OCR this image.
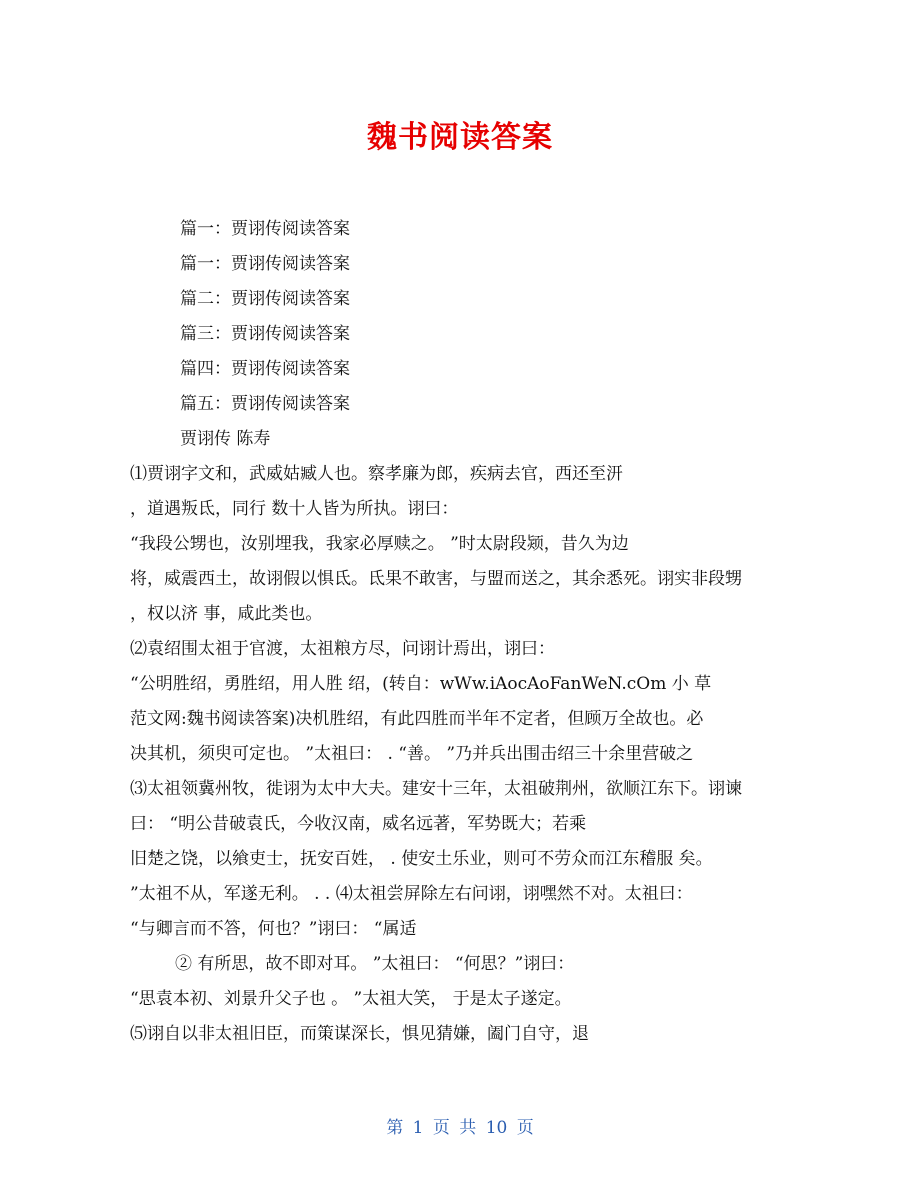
魏书阅读答案
篇一：贾诩传阅读答案
篇一：贾诩传阅读答案
篇二：贾诩传阅读答案
篇三：贾诩传阅读答案
篇四：贾诩传阅读答案
篇五：贾诩传阅读答案
贾诩传 陈寿
⑴贾诩字文和，武威姑臧人也。察孝廉为郎，疾病去官，西还至汧
，道遇叛氐，同行 数十人皆为所执。诩曰：
“我段公甥也，汝别埋我，我家必厚赎之。 ”时太尉段颎，昔久为边
将，威震西土，故诩假以惧氐。氐果不敢害，与盟而送之，其余悉死。诩实非段甥
，权以济 事，咸此类也。
⑵袁绍围太祖于官渡，太祖粮方尽，问诩计焉出，诩曰：
“公明胜绍，勇胜绍，用人胜 绍，(转自：wWw.iAocAoFanWeN.cOm 小 草
范文网:魏书阅读答案)决机胜绍，有此四胜而半年不定者，但顾万全故也。必
决其机，须臾可定也。 ”太祖曰： . “善。 ”乃并兵出围击绍三十余里营破之
⑶太祖领冀州牧，徙诩为太中大夫。建安十三年，太祖破荆州，欲顺江东下。诩谏
曰： “明公昔破袁氏，今收汉南，威名远著，军势既大；若乘
旧楚之饶，以飨吏士，抚安百姓， . 使安土乐业，则可不劳众而江东稽服 矣。
”太祖不从，军遂无利。 . . ⑷太祖尝屏除左右问诩，诩嘿然不对。太祖曰：
“与卿言而不答，何也？”诩曰： “属适
② 有所思，故不即对耳。 ”太祖曰： “何思？”诩曰：
“思袁本初、刘景升父子也 。 ”太祖大笑， 于是太子遂定。
⑸诩自以非太祖旧臣，而策谋深长，惧见猜嫌，阖门自守，退
第 1 页 共 10 页
